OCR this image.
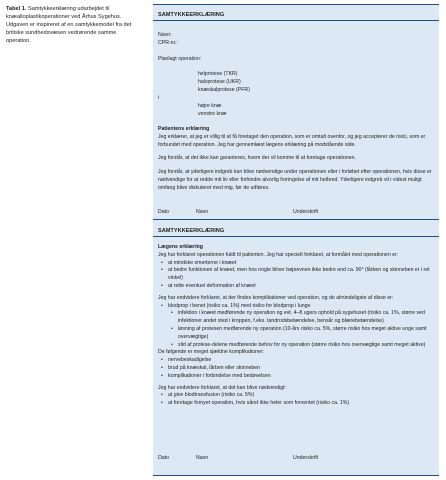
Tabel 1. Samtykkeerklæring udarbejdet til knæalloplastikoperationer ved Århus Sygehus. Udgaven er inspireret af en samtykkemodel fra det britiske sundhedsvæsen vedrørende samme operation.
SAMTYKKEERKLÆRING
Navn:
CPR-nr.:
Planlagt operation:
helprotese (TKR)
halvprotese (UKR)
knæskalprotese (PFR)
i
højre knæ
venstre knæ
Patientens erklæring
Jeg erklærer, at jeg er villig til at få foretaget den operation, som er omtalt ovenfor, og jeg accepterer de risici, som er forbundet med operation. Jeg har gennemlæst lægens erklæring på modstående side.
Jeg forstår, at det ikke kan garanteres, hvem der vil komme til at foretage operationen.
Jeg forstår, at yderligere indgreb kan blive nødvendige under operationen eller i forløbet efter operationen, hvis disse er nødvendige for at redde mit liv eller forhindre alvorlig forringelse af mit helbred. Yderligere indgreb vil i videst muligt omfang blive diskuteret med mig, før de udføres.
Dato	Navn	Underskrift
SAMTYKKEERKLÆRING
Lægens erklæring
Jeg har forklaret operationen fuldt til patienten. Jeg har specielt forklaret, at formålet med operationen er:
• at mindske smerterne i knæet
• at bedre funktionen af knæet, men hos nogle bliver bøjeevnen ikke bedre end ca. 90° (lårben og skinneben er i ret vinkel)
• at rette eventuel deformation af knæet
Jeg har endvidere forklaret, at der findes komplikationer ved operation, og de almindeligste af disse er:
• blodprop i benet (risiko ca. 1%) med risiko for blodprop i lunge
• infektion i knæet medførende ny operation og evt. 4–8 ugers ophold på sygehuset (risiko ca. 1%, større ved infektioner andet sted i kroppen, f.eks. tandrodsbetændelse, bensår og blærebetændelse)
• løsning af protesen medførende ny operation (10-års risiko ca. 5%, større risiko hos meget aktive unge samt overvægtige)
• slid af protese-delene medførende behov for ny operation (større risiko hos overvægtige samt meget aktive)
De følgende er meget sjældne komplikationer:
• nervebeskadigelse
• brud på knæskal, lårben eller skinneben
• komplikationer i forbindelse med bedøvelsen
Jeg har endvidere forklaret, at det kan blive nødvendigt:
• at give blodtransfusion (risiko ca. 5%)
• at foretage fornyet operation, hvis såret ikke heler som forventet (risiko ca. 1%)
Dato	Navn	Underskrift
